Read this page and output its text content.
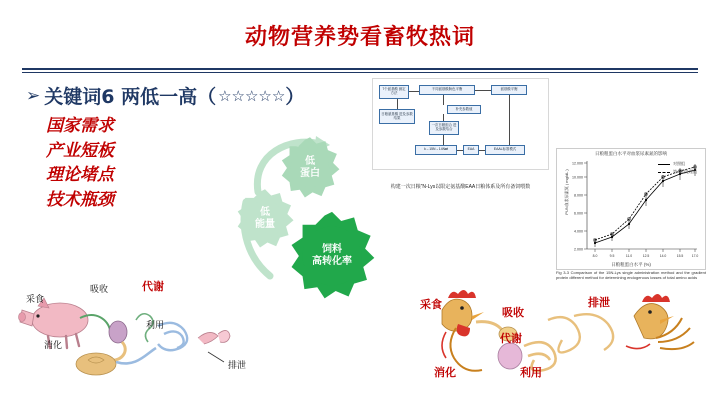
动物营养势看畜牧热词
➢ 关键词6 两低一高（ ☆☆☆☆☆ ）
国家需求
产业短板
理论堵点
技术瓶颈
低
蛋白
低
能量
饲料
高转化率
7个氨基酸 测定方法
不同氨基酸肠色平衡	氨基酸平衡
日粮氨基酸 进及参数结果
补充参数值
一次日粮组合 进及参数结合
k→15N→14N⇄	EAA	EAAL标准模式
构建一次日粮“N-Lys以限定氨基酸EAA日粮体系及所有备饲喂数
日粮粗蛋白水平对血浆尿素氮的影响
PUN血浆尿素氮 ( mg/dL )
日粮粗蛋白水平 (%)
对照组
第二组处理组
2.000
4.000
6.000
8.000
10.000
12.000
8.0	9.5	11.0	12.5	14.0	15.5 17.0
Fig 3-3 Comparison of the 15N-Lys single administration method and the gradient protein different method for determining endogenous losses of total amino acids
采食
吸收	代谢
利用
消化
排泄
采食
吸收
排泄
代谢
消化	利用
